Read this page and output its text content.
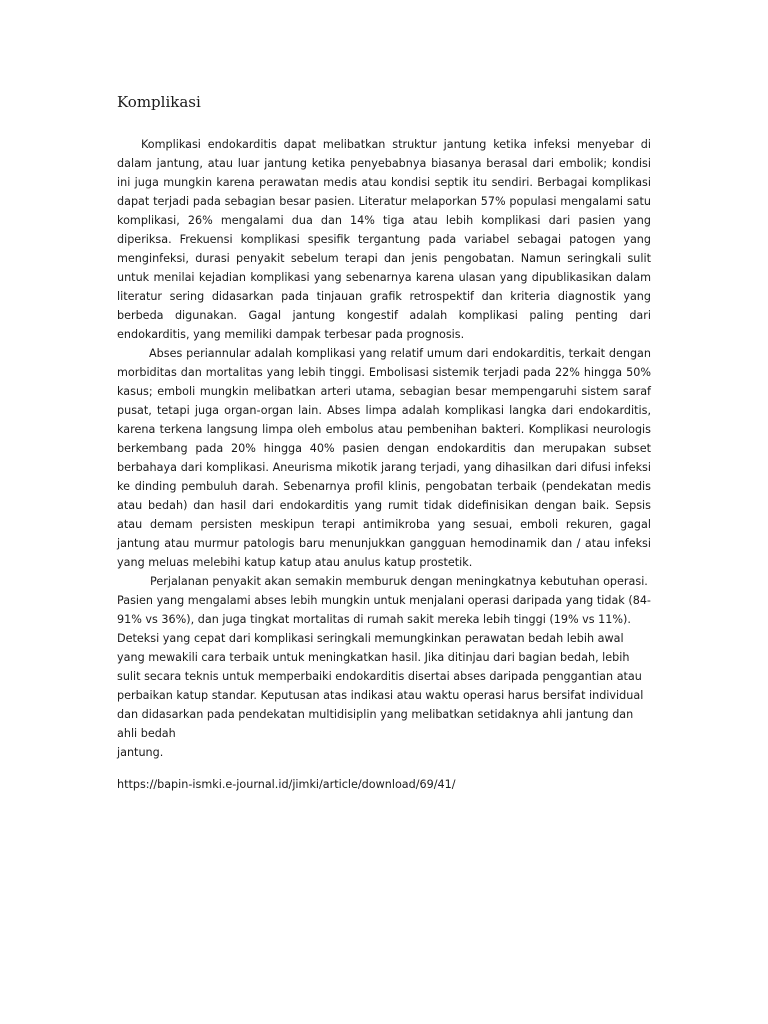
Komplikasi

Komplikasi endokarditis dapat melibatkan struktur jantung ketika infeksi menyebar di dalam jantung, atau luar jantung ketika penyebabnya biasanya berasal dari embolik; kondisi ini juga mungkin karena perawatan medis atau kondisi septik itu sendiri. Berbagai komplikasi dapat terjadi pada sebagian besar pasien. Literatur melaporkan 57% populasi mengalami satu komplikasi, 26% mengalami dua dan 14% tiga atau lebih komplikasi dari pasien yang diperiksa. Frekuensi komplikasi spesifik tergantung pada variabel sebagai patogen yang menginfeksi, durasi penyakit sebelum terapi dan jenis pengobatan. Namun seringkali sulit untuk menilai kejadian komplikasi yang sebenarnya karena ulasan yang dipublikasikan dalam literatur sering didasarkan pada tinjauan grafik retrospektif dan kriteria diagnostik yang berbeda digunakan. Gagal jantung kongestif adalah komplikasi paling penting dari endokarditis, yang memiliki dampak terbesar pada prognosis.

Abses periannular adalah komplikasi yang relatif umum dari endokarditis, terkait dengan morbiditas dan mortalitas yang lebih tinggi. Embolisasi sistemik terjadi pada 22% hingga 50% kasus; emboli mungkin melibatkan arteri utama, sebagian besar mempengaruhi sistem saraf pusat, tetapi juga organ-organ lain. Abses limpa adalah komplikasi langka dari endokarditis, karena terkena langsung limpa oleh embolus atau pembenihan bakteri. Komplikasi neurologis berkembang pada 20% hingga 40% pasien dengan endokarditis dan merupakan subset berbahaya dari komplikasi. Aneurisma mikotik jarang terjadi, yang dihasilkan dari difusi infeksi ke dinding pembuluh darah. Sebenarnya profil klinis, pengobatan terbaik (pendekatan medis atau bedah) dan hasil dari endokarditis yang rumit tidak didefinisikan dengan baik. Sepsis atau demam persisten meskipun terapi antimikroba yang sesuai, emboli rekuren, gagal jantung atau murmur patologis baru menunjukkan gangguan hemodinamik dan / atau infeksi yang meluas melebihi katup katup atau anulus katup prostetik.

Perjalanan penyakit akan semakin memburuk dengan meningkatnya kebutuhan operasi. Pasien yang mengalami abses lebih mungkin untuk menjalani operasi daripada yang tidak (84-91% vs 36%), dan juga tingkat mortalitas di rumah sakit mereka lebih tinggi (19% vs 11%). Deteksi yang cepat dari komplikasi seringkali memungkinkan perawatan bedah lebih awal yang mewakili cara terbaik untuk meningkatkan hasil. Jika ditinjau dari bagian bedah, lebih sulit secara teknis untuk memperbaiki endokarditis disertai abses daripada penggantian atau perbaikan katup standar. Keputusan atas indikasi atau waktu operasi harus bersifat individual dan didasarkan pada pendekatan multidisiplin yang melibatkan setidaknya ahli jantung dan ahli bedah
jantung.

https://bapin-ismki.e-journal.id/jimki/article/download/69/41/
